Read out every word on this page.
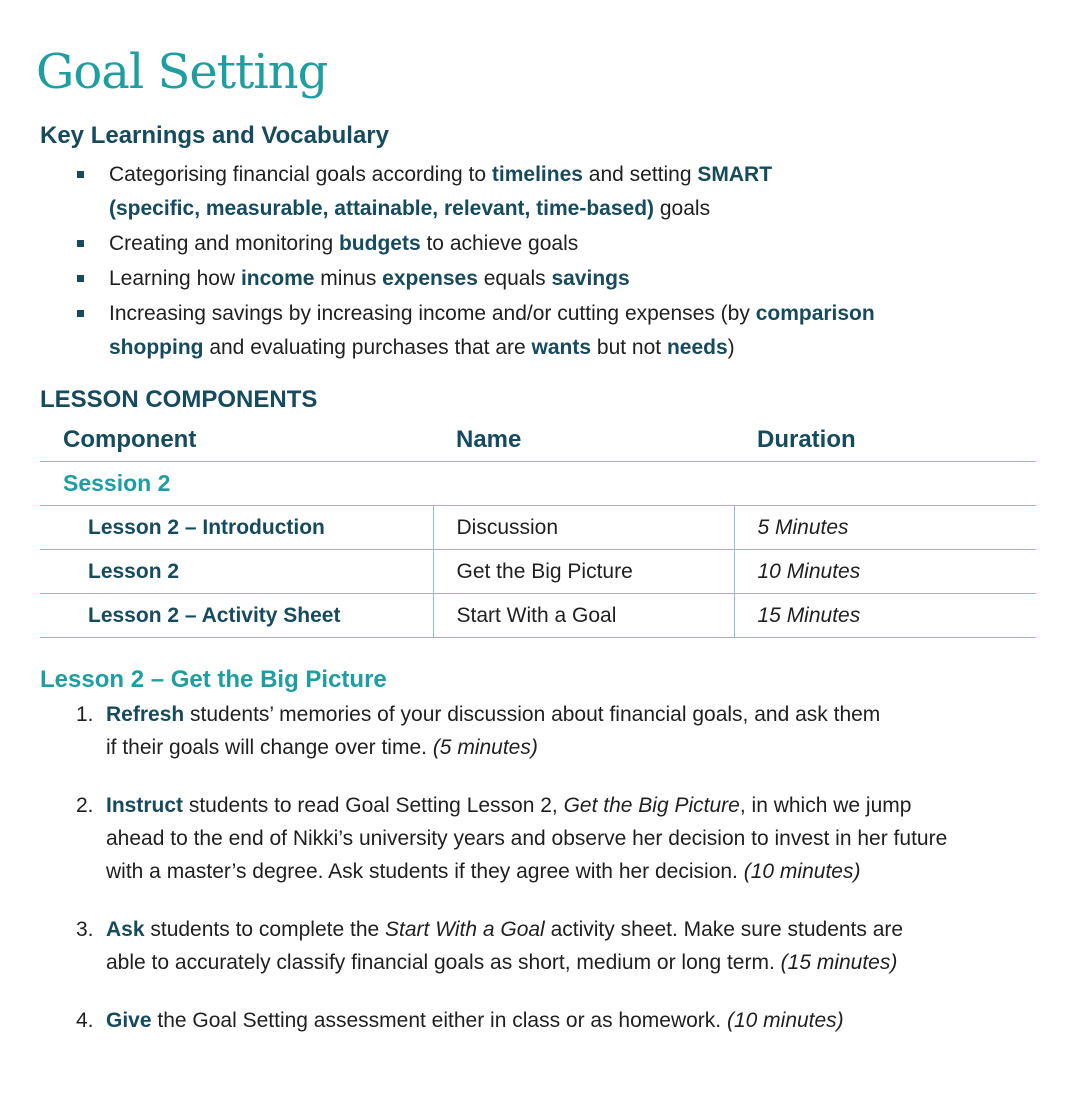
Goal Setting
Key Learnings and Vocabulary
Categorising financial goals according to timelines and setting SMART
(specific, measurable, attainable, relevant, time-based) goals
Creating and monitoring budgets to achieve goals
Learning how income minus expenses equals savings
Increasing savings by increasing income and/or cutting expenses (by comparison
shopping and evaluating purchases that are wants but not needs)
LESSON COMPONENTS
Component	Name	Duration
Session 2		
Lesson 2 – Introduction	Discussion	5 Minutes
Lesson 2	Get the Big Picture	10 Minutes
Lesson 2 – Activity Sheet	Start With a Goal	15 Minutes
Lesson 2 – Get the Big Picture
1. Refresh students’ memories of your discussion about financial goals, and ask them
if their goals will change over time. (5 minutes)
2. Instruct students to read Goal Setting Lesson 2, Get the Big Picture, in which we jump
ahead to the end of Nikki’s university years and observe her decision to invest in her future
with a master’s degree. Ask students if they agree with her decision. (10 minutes)
3. Ask students to complete the Start With a Goal activity sheet. Make sure students are
able to accurately classify financial goals as short, medium or long term. (15 minutes)
4. Give the Goal Setting assessment either in class or as homework. (10 minutes)
